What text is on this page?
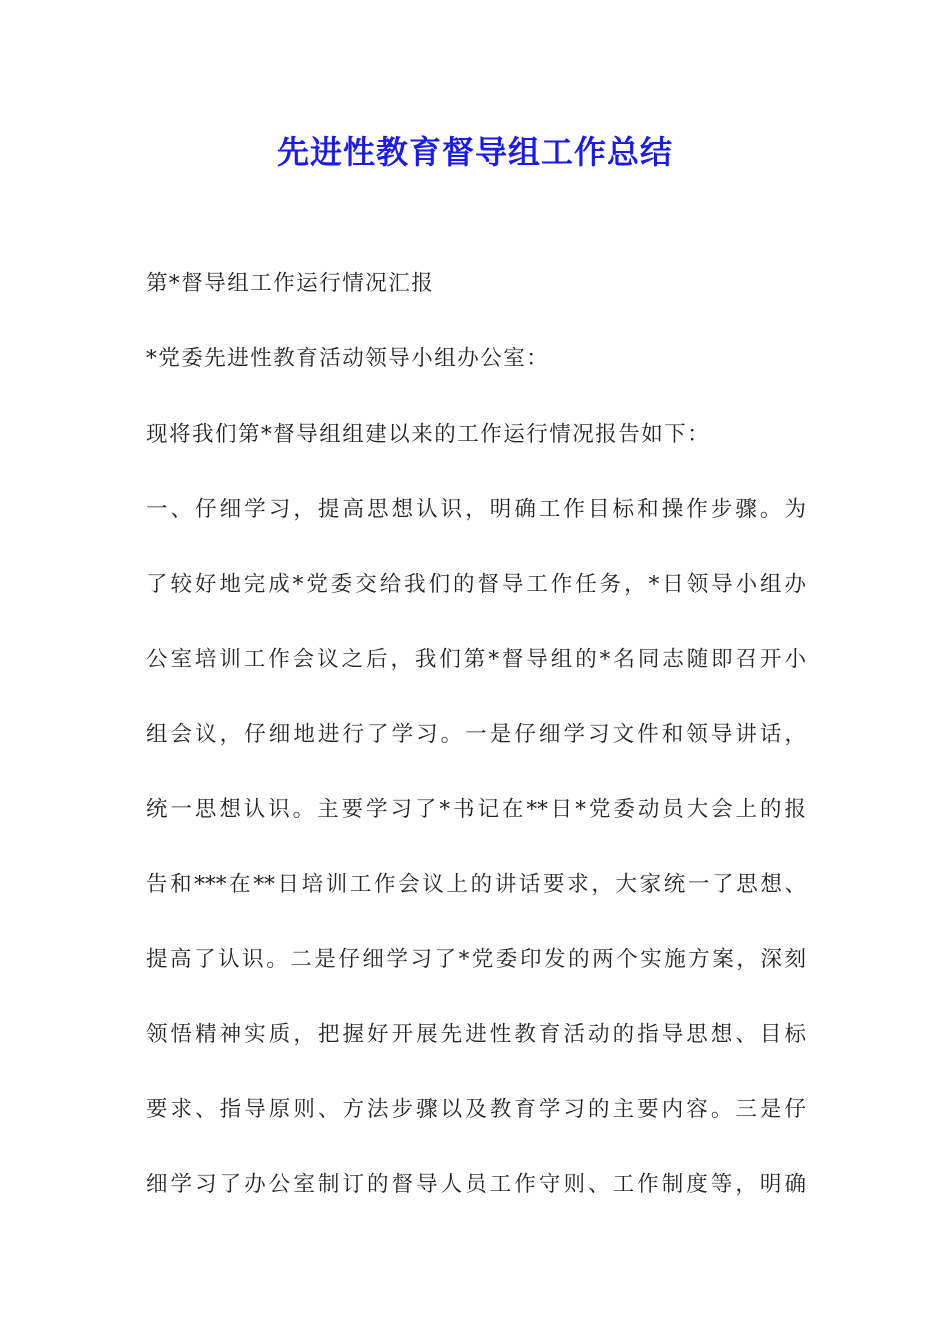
先进性教育督导组工作总结

第*督导组工作运行情况汇报

*党委先进性教育活动领导小组办公室：

现将我们第*督导组组建以来的工作运行情况报告如下：

一、仔细学习，提高思想认识，明确工作目标和操作步骤。为

了较好地完成*党委交给我们的督导工作任务，*日领导小组办

公室培训工作会议之后，我们第*督导组的*名同志随即召开小

组会议，仔细地进行了学习。一是仔细学习文件和领导讲话，

统一思想认识。主要学习了*书记在**日*党委动员大会上的报

告和***在**日培训工作会议上的讲话要求，大家统一了思想、

提高了认识。二是仔细学习了*党委印发的两个实施方案，深刻

领悟精神实质，把握好开展先进性教育活动的指导思想、目标

要求、指导原则、方法步骤以及教育学习的主要内容。三是仔

细学习了办公室制订的督导人员工作守则、工作制度等，明确
